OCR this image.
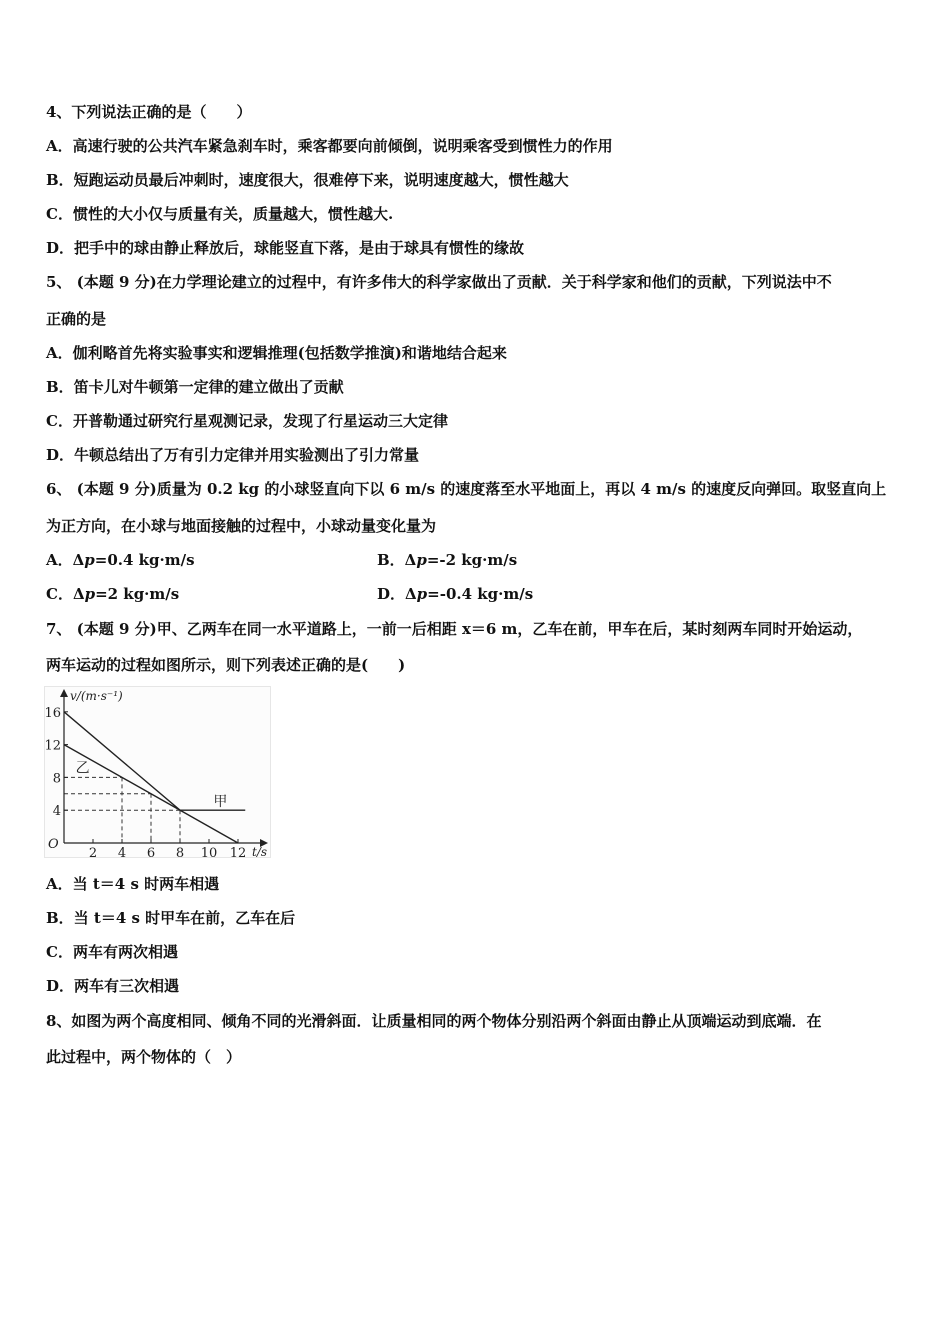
4、下列说法正确的是（　　）
A．高速行驶的公共汽车紧急刹车时，乘客都要向前倾倒，说明乘客受到惯性力的作用
B．短跑运动员最后冲刺时，速度很大，很难停下来，说明速度越大，惯性越大
C．惯性的大小仅与质量有关，质量越大，惯性越大.
D．把手中的球由静止释放后，球能竖直下落，是由于球具有惯性的缘故
5、 (本题 9 分)在力学理论建立的过程中，有许多伟大的科学家做出了贡献．关于科学家和他们的贡献，下列说法中不
正确的是
A．伽利略首先将实验事实和逻辑推理(包括数学推演)和谐地结合起来
B．笛卡儿对牛顿第一定律的建立做出了贡献
C．开普勒通过研究行星观测记录，发现了行星运动三大定律
D．牛顿总结出了万有引力定律并用实验测出了引力常量
6、 (本题 9 分)质量为 0.2 kg 的小球竖直向下以 6 m/s 的速度落至水平地面上，再以 4 m/s 的速度反向弹回。取竖直向上
为正方向，在小球与地面接触的过程中，小球动量变化量为
A．Δp=0.4 kg·m/s	B．Δp=-2 kg·m/s
C．Δp=2 kg·m/s	D．Δp=-0.4 kg·m/s
7、 (本题 9 分)甲、乙两车在同一水平道路上，一前一后相距 x＝6 m，乙车在前，甲车在后，某时刻两车同时开始运动，
两车运动的过程如图所示，则下列表述正确的是(　　)
甲
乙
2 4 6 8 10 12
4
8
12
16
v/(m·s⁻¹)
t/s
O
A．当 t＝4 s 时两车相遇
B．当 t＝4 s 时甲车在前，乙车在后
C．两车有两次相遇
D．两车有三次相遇
8、如图为两个高度相同、倾角不同的光滑斜面．让质量相同的两个物体分别沿两个斜面由静止从顶端运动到底端．在
此过程中，两个物体的（　）
